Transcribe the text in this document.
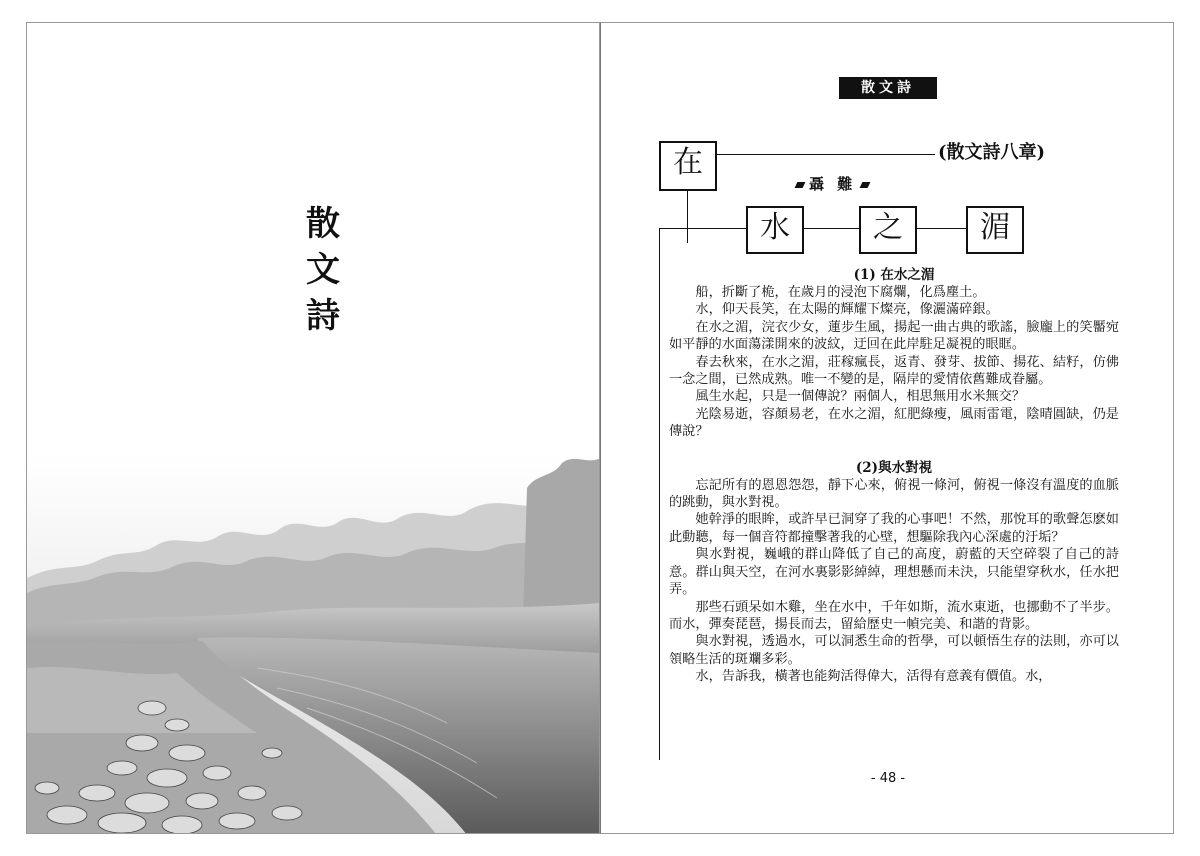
散
文
詩
散文詩
在
水	之	湄
(散文詩八章)
聶 難
(1) 在水之湄

船，折斷了桅，在歲月的浸泡下腐爛，化爲塵土。

水，仰天長笑，在太陽的輝耀下燦亮，像灑滿碎銀。

在水之湄，浣衣少女，蓮步生風，揚起一曲古典的歌謠，臉龐上的笑靨宛如平靜的水面蕩漾開來的波紋，迂回在此岸駐足凝視的眼眶。

春去秋來，在水之湄，莊稼瘋長，返青、發芽、拔節、揚花、結籽，仿佛一念之間，已然成熟。唯一不變的是，隔岸的愛情依舊難成眷屬。

風生水起，只是一個傳說？兩個人，相思無用水米無交？

光陰易逝，容顏易老，在水之湄，紅肥綠瘦，風雨雷電，陰晴圓缺，仍是傳說？

(2)與水對視

忘記所有的恩恩怨怨，靜下心來，俯視一條河，俯視一條沒有溫度的血脈的跳動，與水對視。

她幹淨的眼眸，或許早已洞穿了我的心事吧！不然，那悅耳的歌聲怎麽如此動聽，每一個音符都撞擊著我的心壁，想驅除我內心深處的汙垢？

與水對視，巍峨的群山降低了自己的高度，蔚藍的天空碎裂了自己的詩意。群山與天空，在河水裏影影綽綽，理想懸而未決，只能望穿秋水，任水把弄。

那些石頭呆如木雞，坐在水中，千年如斯，流水東逝，也挪動不了半步。而水，彈奏琵琶，揚長而去，留給歷史一幀完美、和諧的背影。

與水對視，透過水，可以洞悉生命的哲學，可以頓悟生存的法則，亦可以領略生活的斑斕多彩。

水，告訴我，橫著也能夠活得偉大，活得有意義有價值。水，

- 48 -
